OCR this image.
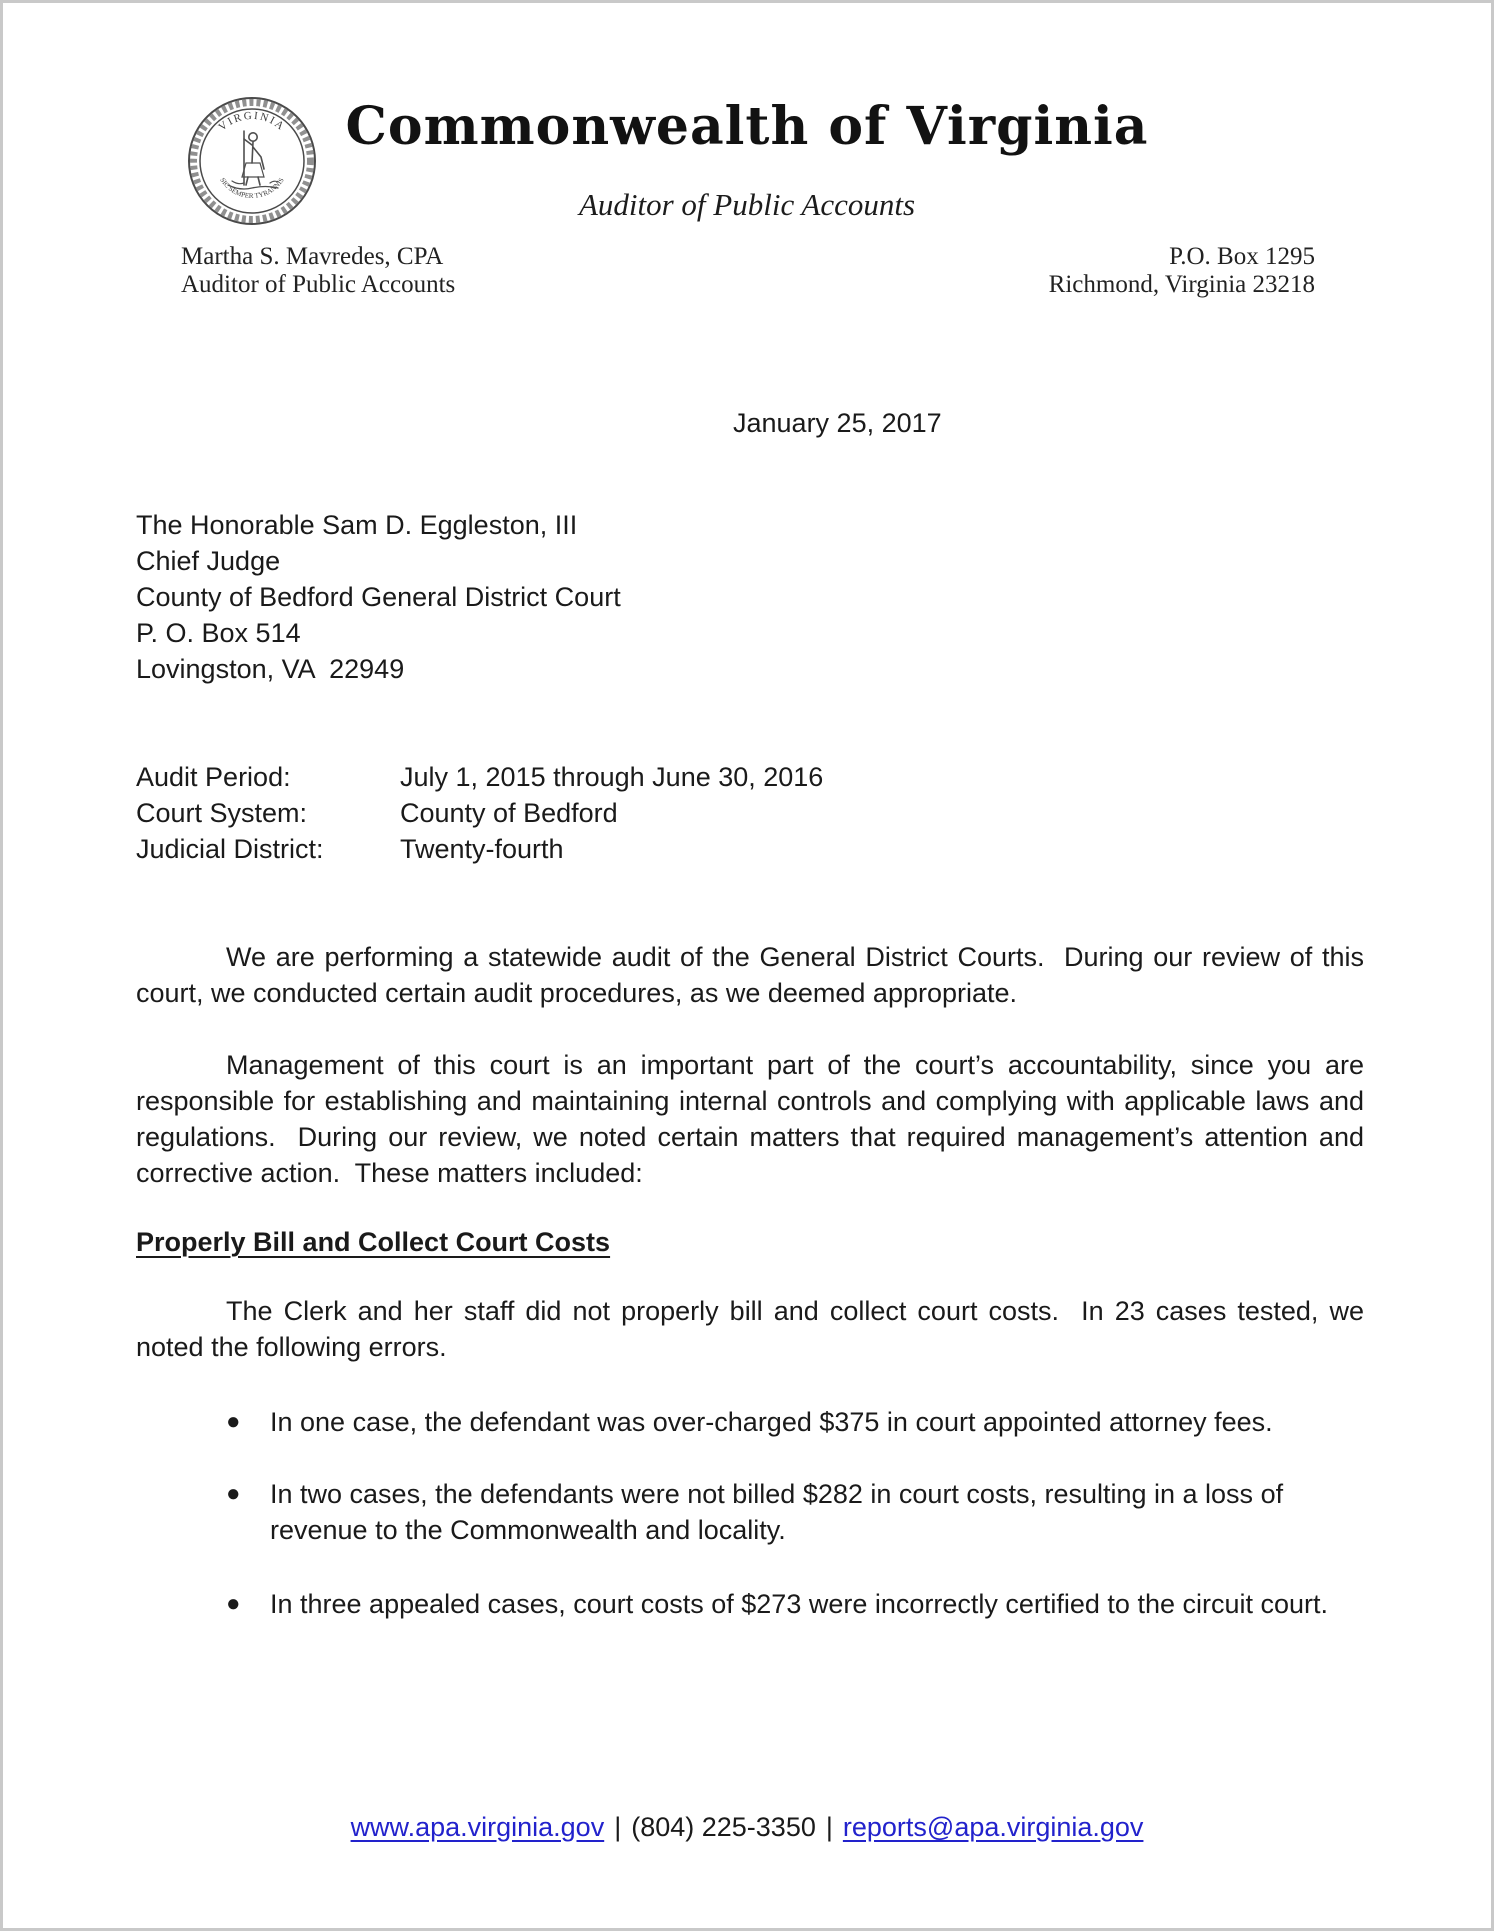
VIRGINIA
SIC SEMPER TYRANNIS
Commonwealth of Virginia
Auditor of Public Accounts
Martha S. Mavredes, CPA
Auditor of Public Accounts
P.O. Box 1295
Richmond, Virginia 23218
January 25, 2017
The Honorable Sam D. Eggleston, III
Chief Judge
County of Bedford General District Court
P. O. Box 514
Lovingston, VA  22949
Audit Period:	July 1, 2015 through June 30, 2016
Court System:	County of Bedford
Judicial District:	Twenty-fourth
We are performing a statewide audit of the General District Courts.  During our review of this court, we conducted certain audit procedures, as we deemed appropriate.
Management of this court is an important part of the court’s accountability, since you are responsible for establishing and maintaining internal controls and complying with applicable laws and regulations.  During our review, we noted certain matters that required management’s attention and corrective action.  These matters included:
Properly Bill and Collect Court Costs
The Clerk and her staff did not properly bill and collect court costs.  In 23 cases tested, we noted the following errors.
●	In one case, the defendant was over-charged $375 in court appointed attorney fees.
●	In two cases, the defendants were not billed $282 in court costs, resulting in a loss of revenue to the Commonwealth and locality.
●	In three appealed cases, court costs of $273 were incorrectly certified to the circuit court.
www.apa.virginia.gov | (804) 225-3350 | reports@apa.virginia.gov
